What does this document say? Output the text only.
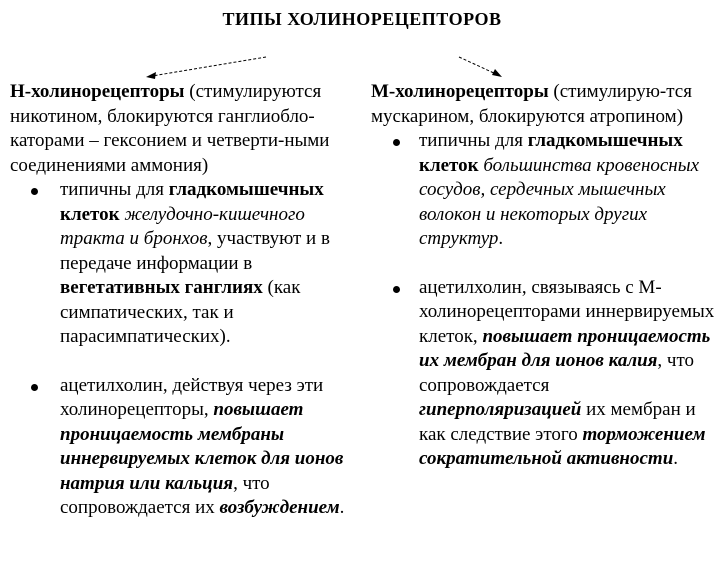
ТИПЫ ХОЛИНОРЕЦЕПТОРОВ

Н-холинорецепторы (стимулируются никотином, блокируются ганглиобло-каторами – гексонием и четверти-ными соединениями аммония)

типичны для гладкомышечных клеток желудочно-кишечного тракта и бронхов, участвуют и в передаче информации в вегетативных ганглиях (как симпатических, так и парасимпатических).
ацетилхолин, действуя через эти холинорецепторы, повышает проницаемость мембраны иннервируемых клеток для ионов натрия или кальция, что сопровождается их возбуждением.

М-холинорецепторы (стимулирую-тся мускарином, блокируются атропином)

типичны для гладкомышечных клеток большинства кровеносных сосудов, сердечных мышечных волокон и некоторых других структур.
ацетилхолин, связываясь с М-холинорецепторами иннервируемых клеток, повышает проницаемость их мембран для ионов калия, что сопровождается гиперполяризацией их мембран и как следствие этого торможением сократительной активности.
